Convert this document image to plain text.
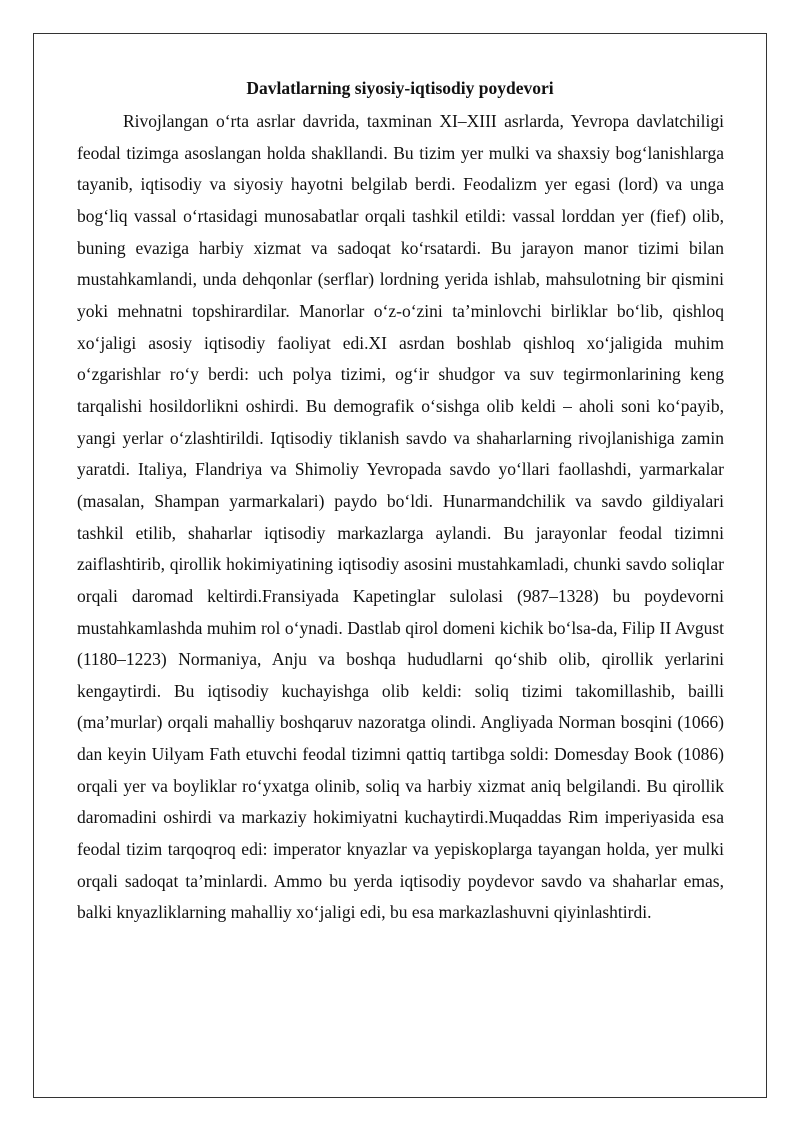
Davlatlarning siyosiy-iqtisodiy poydevori

Rivojlangan o‘rta asrlar davrida, taxminan XI–XIII asrlarda, Yevropa davlatchiligi feodal tizimga asoslangan holda shakllandi. Bu tizim yer mulki va shaxsiy bog‘lanishlarga tayanib, iqtisodiy va siyosiy hayotni belgilab berdi. Feodalizm yer egasi (lord) va unga bog‘liq vassal o‘rtasidagi munosabatlar orqali tashkil etildi: vassal lorddan yer (fief) olib, buning evaziga harbiy xizmat va sadoqat ko‘rsatardi. Bu jarayon manor tizimi bilan mustahkamlandi, unda dehqonlar (serflar) lordning yerida ishlab, mahsulotning bir qismini yoki mehnatni topshirardilar. Manorlar o‘z-o‘zini ta’minlovchi birliklar bo‘lib, qishloq xo‘jaligi asosiy iqtisodiy faoliyat edi.XI asrdan boshlab qishloq xo‘jaligida muhim o‘zgarishlar ro‘y berdi: uch polya tizimi, og‘ir shudgor va suv tegirmonlarining keng tarqalishi hosildorlikni oshirdi. Bu demografik o‘sishga olib keldi – aholi soni ko‘payib, yangi yerlar o‘zlashtirildi. Iqtisodiy tiklanish savdo va shaharlarning rivojlanishiga zamin yaratdi. Italiya, Flandriya va Shimoliy Yevropada savdo yo‘llari faollashdi, yarmarkalar (masalan, Shampan yarmarkalari) paydo bo‘ldi. Hunarmandchilik va savdo gildiyalari tashkil etilib, shaharlar iqtisodiy markazlarga aylandi. Bu jarayonlar feodal tizimni zaiflashtirib, qirollik hokimiyatining iqtisodiy asosini mustahkamladi, chunki savdo soliqlar orqali daromad keltirdi.Fransiyada Kapetinglar sulolasi (987–1328) bu poydevorni mustahkamlashda muhim rol o‘ynadi. Dastlab qirol domeni kichik bo‘lsa-da, Filip II Avgust (1180–1223) Normaniya, Anju va boshqa hududlarni qo‘shib olib, qirollik yerlarini kengaytirdi. Bu iqtisodiy kuchayishga olib keldi: soliq tizimi takomillashib, bailli (ma’murlar) orqali mahalliy boshqaruv nazoratga olindi. Angliyada Norman bosqini (1066) dan keyin Uilyam Fath etuvchi feodal tizimni qattiq tartibga soldi: Domesday Book (1086) orqali yer va boyliklar ro‘yxatga olinib, soliq va harbiy xizmat aniq belgilandi. Bu qirollik daromadini oshirdi va markaziy hokimiyatni kuchaytirdi.Muqaddas Rim imperiyasida esa feodal tizim tarqoqroq edi: imperator knyazlar va yepiskoplarga tayangan holda, yer mulki orqali sadoqat ta’minlardi. Ammo bu yerda iqtisodiy poydevor savdo va shaharlar emas, balki knyazliklarning mahalliy xo‘jaligi edi, bu esa markazlashuvni qiyinlashtirdi.
